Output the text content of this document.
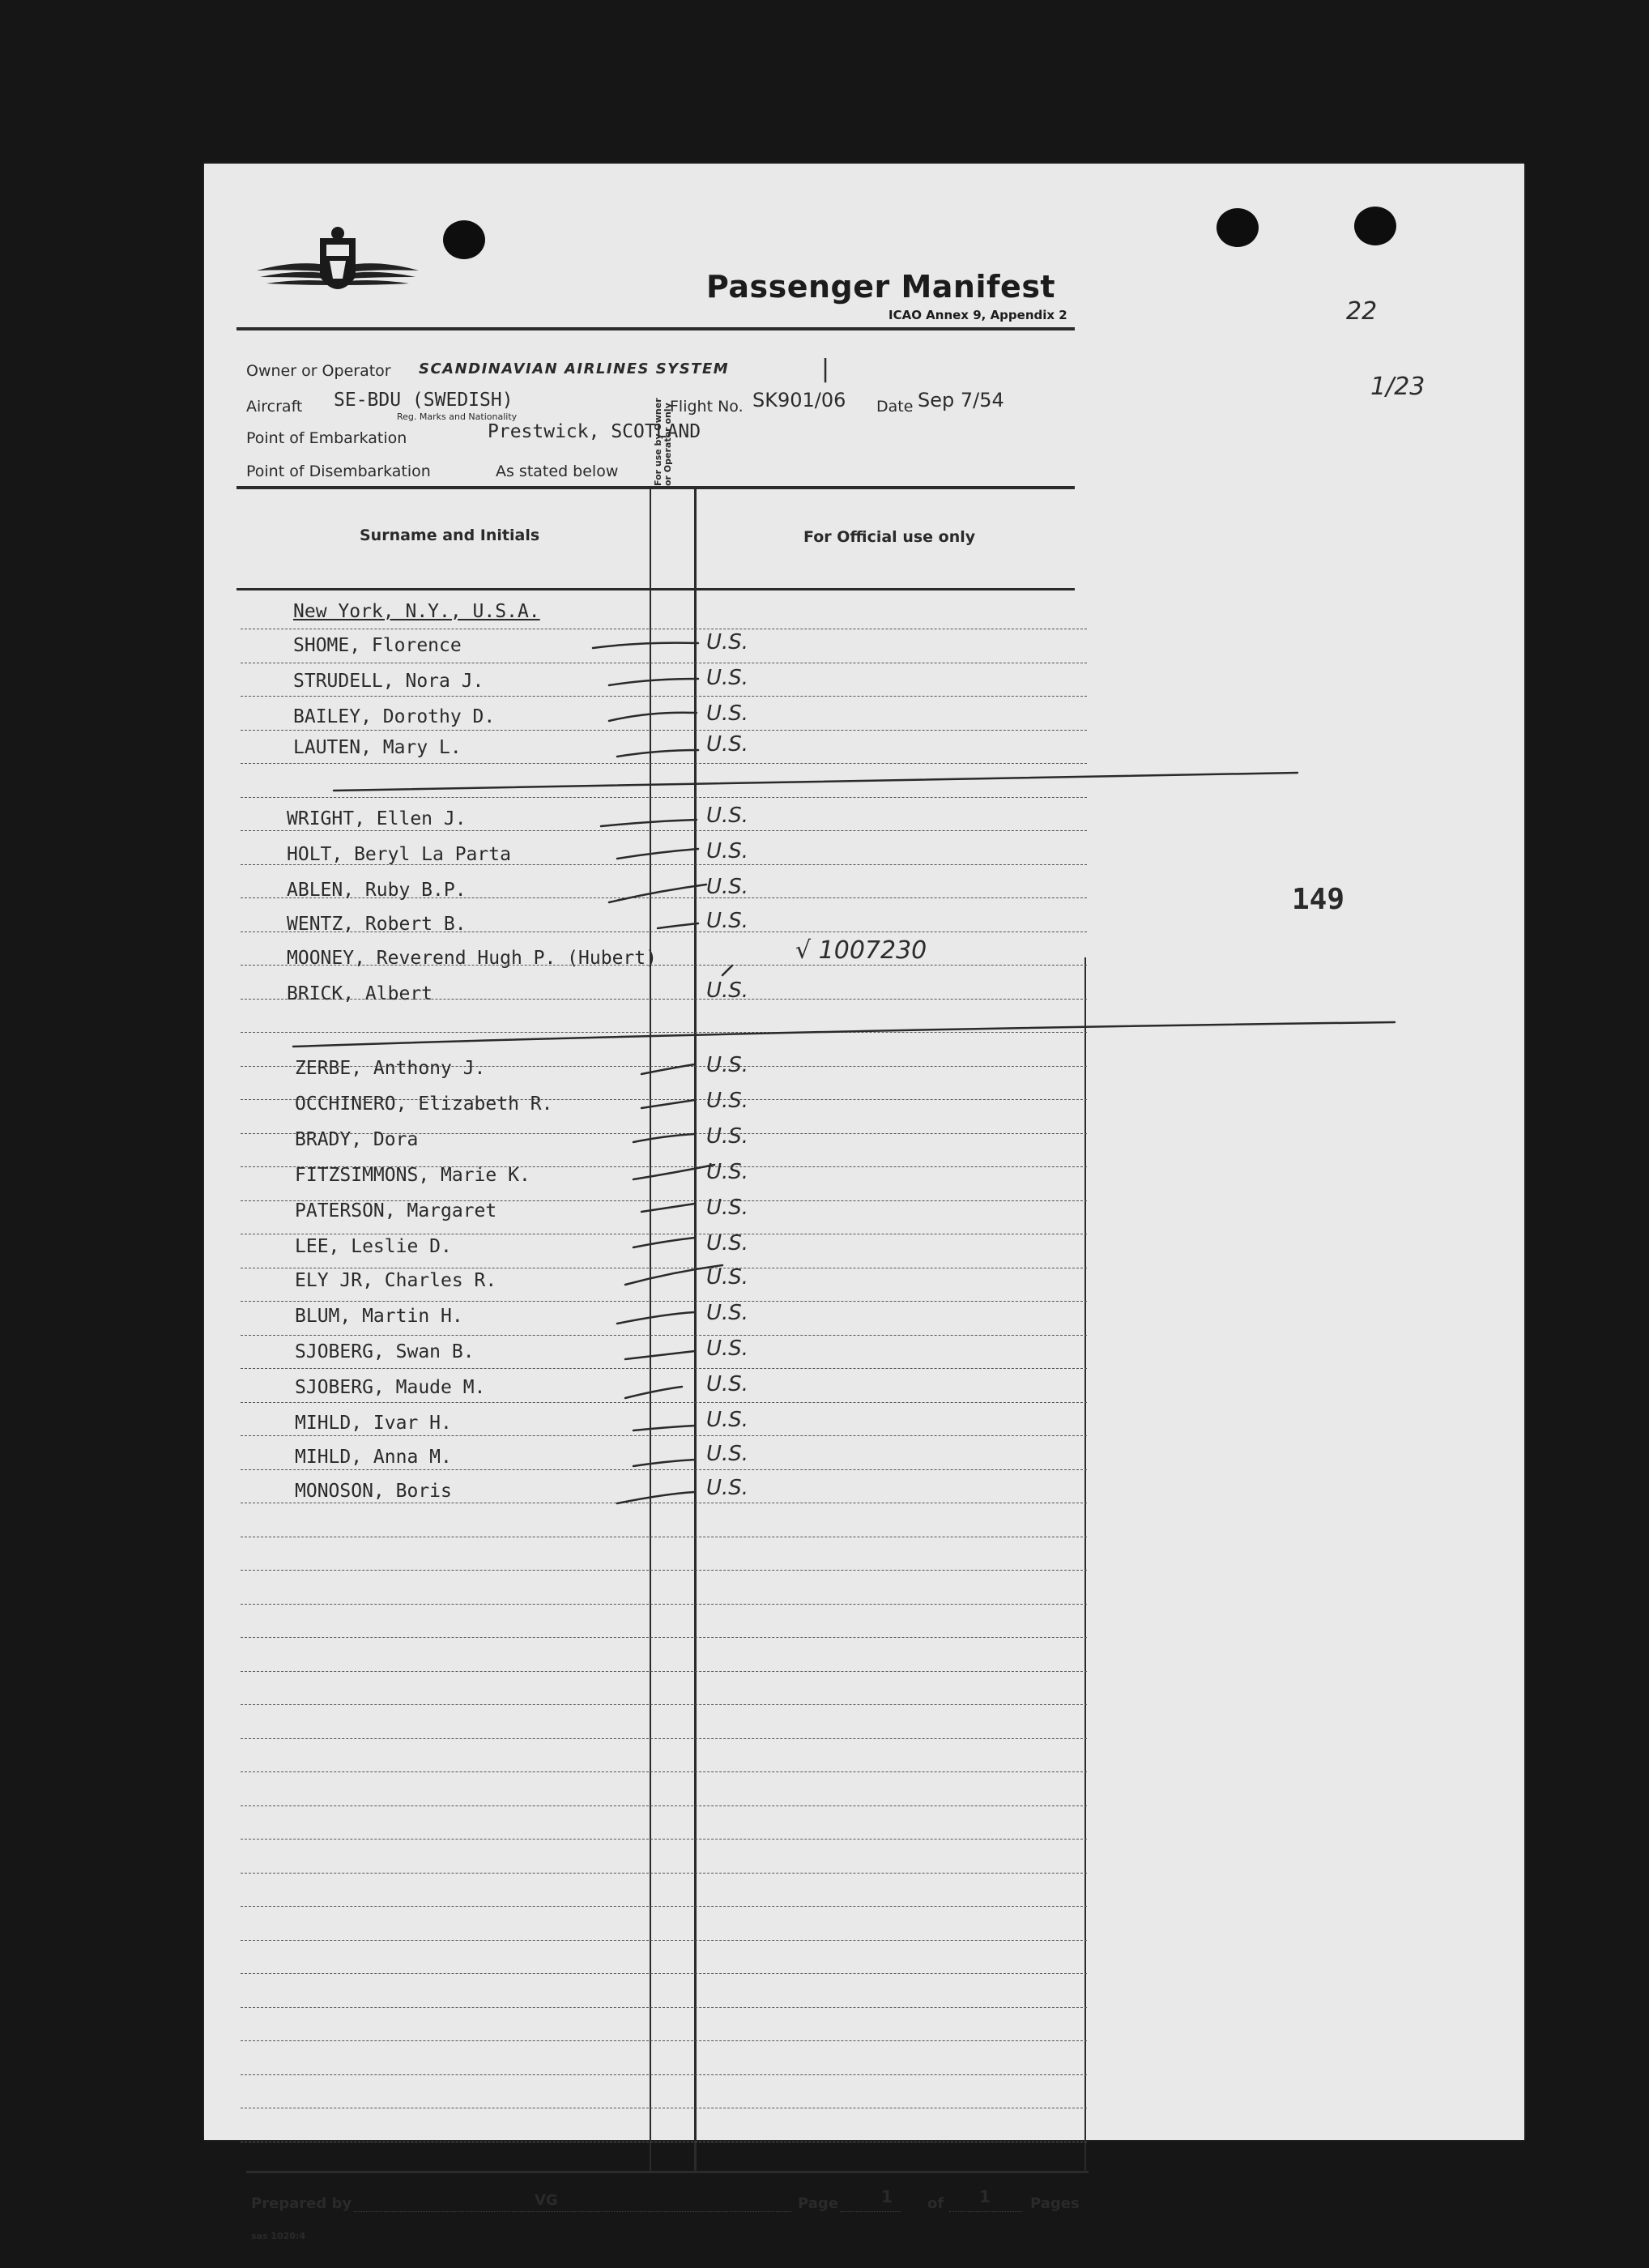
Passenger Manifest
ICAO Annex 9, Appendix 2
Owner or Operator SCANDINAVIAN AIRLINES SYSTEM	|
Aircraft SE-BDU (SWEDISH)
Reg. Marks and Nationality
Flight No. SK901/06 Date Sep 7/54
Point of Embarkation	Prestwick, SCOTLAND
Point of Disembarkation	As stated below
Surname and Initials
For use by Owner or Operator only
For Official use only
New York, N.Y., U.S.A.
SHOME, Florence	U.S.
STRUDELL, Nora J.	U.S.
BAILEY, Dorothy D.	U.S.
LAUTEN, Mary L.	U.S.
WRIGHT, Ellen J.	U.S.
HOLT, Beryl La Parta	U.S.
ABLEN, Ruby B.P.	U.S.
WENTZ, Robert B.	U.S.
MOONEY, Reverend Hugh P. (Hubert)	√ 1007230
BRICK, Albert	U.S.
ZERBE, Anthony J.	U.S.
OCCHINERO, Elizabeth R.	U.S.
BRADY, Dora	U.S.
FITZSIMMONS, Marie K.	U.S.
PATERSON, Margaret	U.S.
LEE, Leslie D.	U.S.
ELY JR, Charles R.	U.S.
BLUM, Martin H.	U.S.
SJOBERG, Swan B.	U.S.
SJOBERG, Maude M.	U.S.
MIHLD, Ivar H.	U.S.
MIHLD, Anna M.	U.S.
MONOSON, Boris	U.S.
22
1/23
149
Prepared by	VG	Page	1 of 1	Pages
sas 1020:4
